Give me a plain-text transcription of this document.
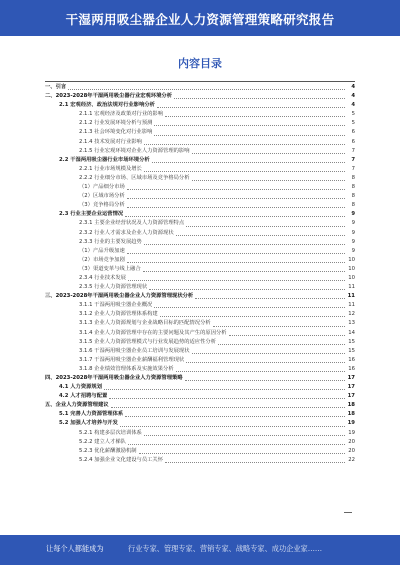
干湿两用吸尘器企业人力资源管理策略研究报告
内容目录
一、引言	4
二、2023-2028年干湿两用吸尘器行业宏观环境分析	4
2.1 宏观经济、政治法规对行业影响分析	4
2.1.1 宏观经济及政策对行业的影响	5
2.1.2 行业发展环境分析与预测	5
2.1.3 社会环境变化对行业影响	6
2.1.4 技术发展对行业影响	6
2.1.5 行业宏观环境对企业人力资源管理的影响	7
2.2 干湿两用吸尘器行业市场环境分析	7
2.2.1 行业市场规模及增长	7
2.2.2 行业细分市场、区域市场及竞争格局分析	8
（1）产品细分市场	8
（2）区域市场分析	8
（3）竞争格局分析	8
2.3 行业主要企业运营情况	9
2.3.1 主要企业经营状况及人力资源管理特点	9
2.3.2 行业人才需求及企业人力资源现状	9
2.3.3 行业的主要发展趋势	9
（1）产品升级加速	9
（2）市场竞争加剧	10
（3）渠道变革与线上融合	10
2.3.4 行业技术发展	10
2.3.5 行业人力资源管理现状	11
三、2023-2028年干湿两用吸尘器企业人力资源管理现状分析	11
3.1.1 干湿两用吸尘器企业概况	11
3.1.2 企业人力资源管理体系构建	12
3.1.3 企业人力资源规划与企业战略目标的匹配情况分析	13
3.1.4 企业人力资源管理中存在的主要问题及其产生的原因分析	14
3.1.5 企业人力资源管理模式与行业发展趋势的适应性分析	15
3.1.6 干湿两用吸尘器企业员工培训与发展现状	15
3.1.7 干湿两用吸尘器企业薪酬福利管理现状	16
3.1.8 企业绩效管理体系及实施效果分析	16
四、2023-2028年干湿两用吸尘器企业人力资源管理策略	17
4.1 人力资源规划	17
4.2 人才招聘与配置	17
五、企业人力资源管理建议	18
5.1 完善人力资源管理体系	18
5.2 加强人才培养与开发	19
5.2.1 构建多层次培训体系	19
5.2.2 建立人才梯队	20
5.2.3 优化薪酬激励机制	20
5.2.4 加强企业文化建设与员工关怀	22
让每个人都能成为	行业专家、管理专家、营销专家、战略专家、成功企业家……
